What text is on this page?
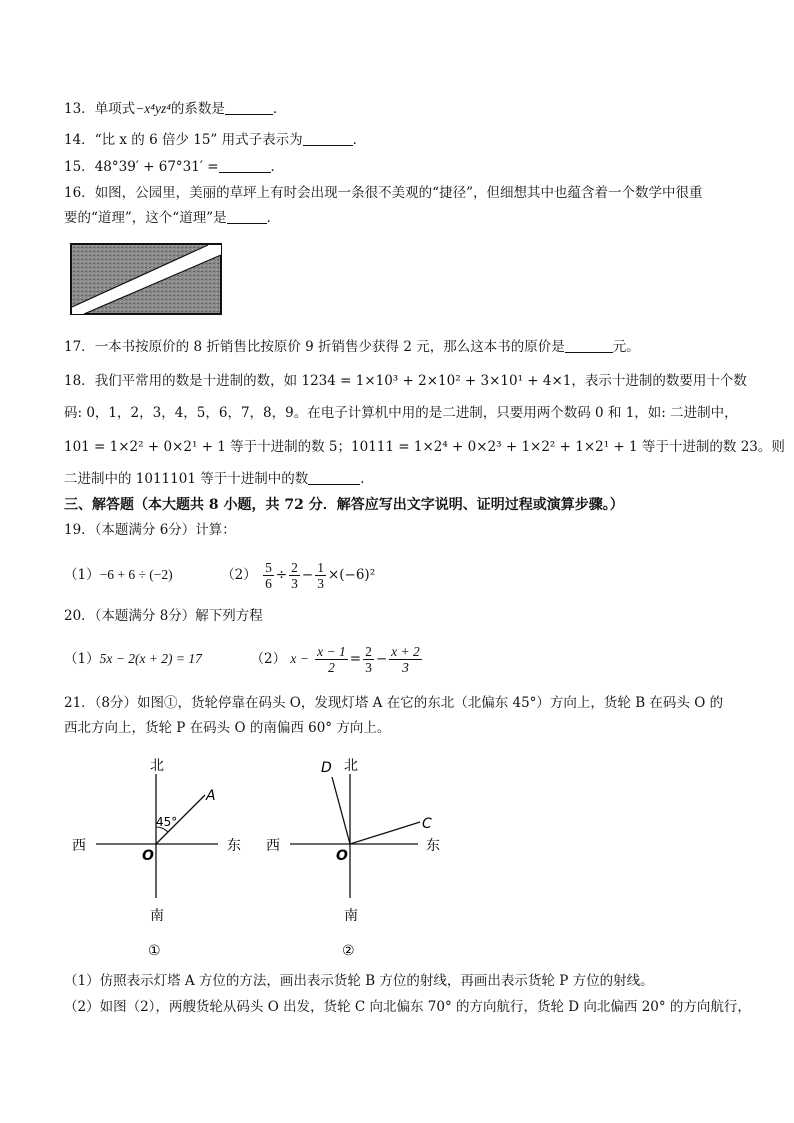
13．单项式−x⁴yz⁴的系数是	．
14．“比 x 的 6 倍少 15” 用式子表示为	．
15．48°39′ + 67°31′ =	．
16．如图，公园里，美丽的草坪上有时会出现一条很不美观的“捷径”，但细想其中也蕴含着一个数学中很重
要的“道理”，这个“道理”是	．
17．一本书按原价的 8 折销售比按原价 9 折销售少获得 2 元，那么这本书的原价是	元。
18．我们平常用的数是十进制的数，如 1234 = 1×10³ + 2×10² + 3×10¹ + 4×1，表示十进制的数要用十个数
码: 0，1，2，3，4，5，6，7，8，9。在电子计算机中用的是二进制，只要用两个数码 0 和 1，如: 二进制中，
101 = 1×2² + 0×2¹ + 1 等于十进制的数 5；10111 = 1×2⁴ + 0×2³ + 1×2² + 1×2¹ + 1 等于十进制的数 23。则
二进制中的 1011101 等于十进制中的数	．
三、解答题（本大题共 8 小题，共 72 分．解答应写出文字说明、证明过程或演算步骤。）
19．（本题满分 6分）计算：
（1）−6 + 6 ÷ (−2)	$(2) \frac{5}{6} \div \frac{2}{3} - \frac{1}{3} \times(-6)^2$
20．（本题满分 8分）解下列方程
（1）5x − 2(x + 2) = 17	（2） $x - \frac{x - 1}{2} = \frac{2}{3} - \frac{x + 2}{3}$
21．（8分）如图①，货轮停靠在码头 O，发现灯塔 A 在它的东北（北偏东 45°）方向上，货轮 B 在码头 O 的
西北方向上，货轮 P 在码头 O 的南偏西 60° 方向上。
北
南
西	东
O
A
45°
①
北
南
西	东
O
D
C
②
（1）仿照表示灯塔 A 方位的方法，画出表示货轮 B 方位的射线，再画出表示货轮 P 方位的射线。
（2）如图（2），两艘货轮从码头 O 出发，货轮 C 向北偏东 70° 的方向航行，货轮 D 向北偏西 20° 的方向航行，
